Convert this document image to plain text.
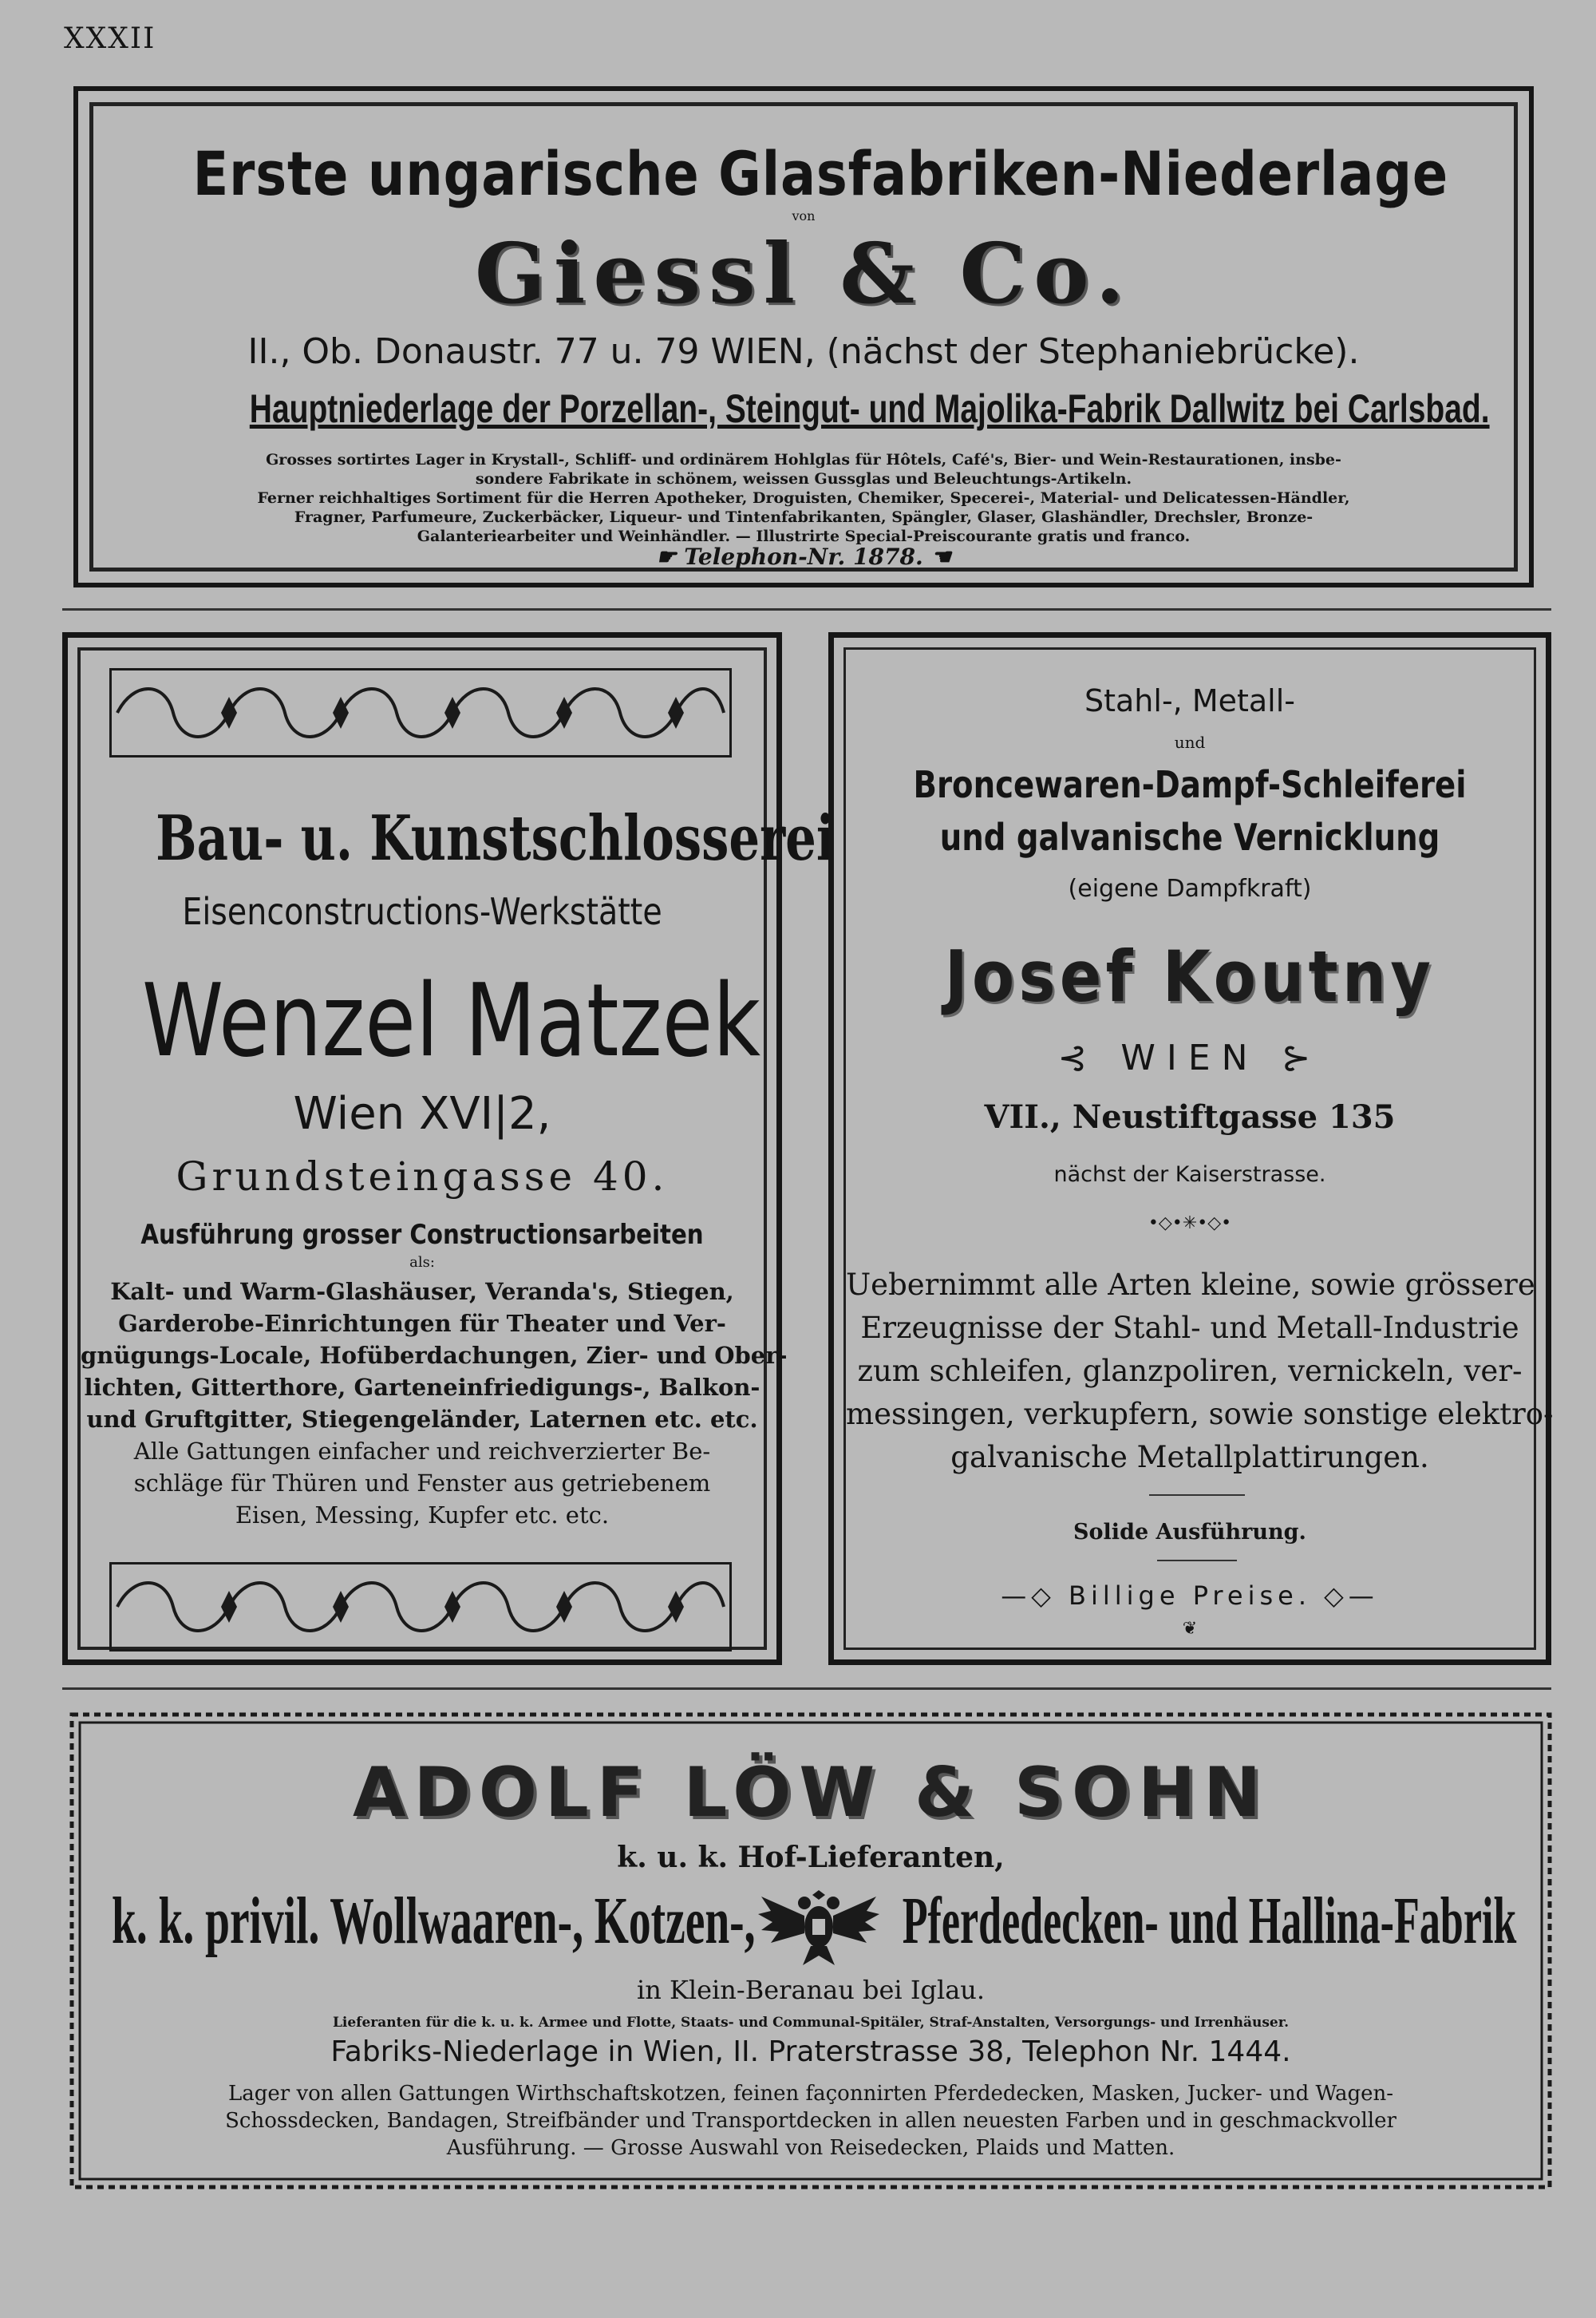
XXXII
Erste ungarische Glasfabriken-Niederlage
von
Giessl & Co.
II., Ob. Donaustr. 77 u. 79 WIEN, (nächst der Stephaniebrücke).
Hauptniederlage der Porzellan-, Steingut- und Majolika-Fabrik Dallwitz bei Carlsbad.
Grosses sortirtes Lager in Krystall-, Schliff- und ordinärem Hohlglas für Hôtels, Café's, Bier- und Wein-Restaurationen, insbe-
sondere Fabrikate in schönem, weissen Gussglas und Beleuchtungs-Artikeln.
Ferner reichhaltiges Sortiment für die Herren Apotheker, Droguisten, Chemiker, Specerei-, Material- und Delicatessen-Händler,
Fragner, Parfumeure, Zuckerbäcker, Liqueur- und Tintenfabrikanten, Spängler, Glaser, Glashändler, Drechsler, Bronze-
Galanteriearbeiter und Weinhändler. — Illustrirte Special-Preiscourante gratis und franco.
☛ Telephon-Nr. 1878. ☚
Bau- u. Kunstschlosserei
Eisenconstructions-Werkstätte
Wenzel Matzek
Wien XVI|2,
Grundsteingasse 40.
Ausführung grosser Constructionsarbeiten
als:
Kalt- und Warm-Glashäuser, Veranda's, Stiegen,
Garderobe-Einrichtungen für Theater und Ver-
gnügungs-Locale, Hofüberdachungen, Zier- und Ober-
lichten, Gitterthore, Garteneinfriedigungs-, Balkon-
und Gruftgitter, Stiegengeländer, Laternen etc. etc.
Alle Gattungen einfacher und reichverzierter Be-
schläge für Thüren und Fenster aus getriebenem
Eisen, Messing, Kupfer etc. etc.
Stahl-, Metall-
und
Broncewaren-Dampf-Schleiferei
und galvanische Vernicklung
(eigene Dampfkraft)
Josef Koutny
⊰ WIEN ⊱
VII., Neustiftgasse 135
nächst der Kaiserstrasse.
•◇•✳•◇•
Uebernimmt alle Arten kleine, sowie grössere
Erzeugnisse der Stahl- und Metall-Industrie
zum schleifen, glanzpoliren, vernickeln, ver-
messingen, verkupfern, sowie sonstige elektro-
galvanische Metallplattirungen.
Solide Ausführung.
—◇ Billige Preise. ◇—
❦
ADOLF LÖW & SOHN
k. u. k. Hof-Lieferanten,
k. k. privil. Wollwaaren-, Kotzen-, Pferdedecken- und Hallina-Fabrik
in Klein-Beranau bei Iglau.
Lieferanten für die k. u. k. Armee und Flotte, Staats- und Communal-Spitäler, Straf-Anstalten, Versorgungs- und Irrenhäuser.
Fabriks-Niederlage in Wien, II. Praterstrasse 38, Telephon Nr. 1444.
Lager von allen Gattungen Wirthschaftskotzen, feinen façonnirten Pferdedecken, Masken, Jucker- und Wagen-
Schossdecken, Bandagen, Streifbänder und Transportdecken in allen neuesten Farben und in geschmackvoller
Ausführung. — Grosse Auswahl von Reisedecken, Plaids und Matten.
